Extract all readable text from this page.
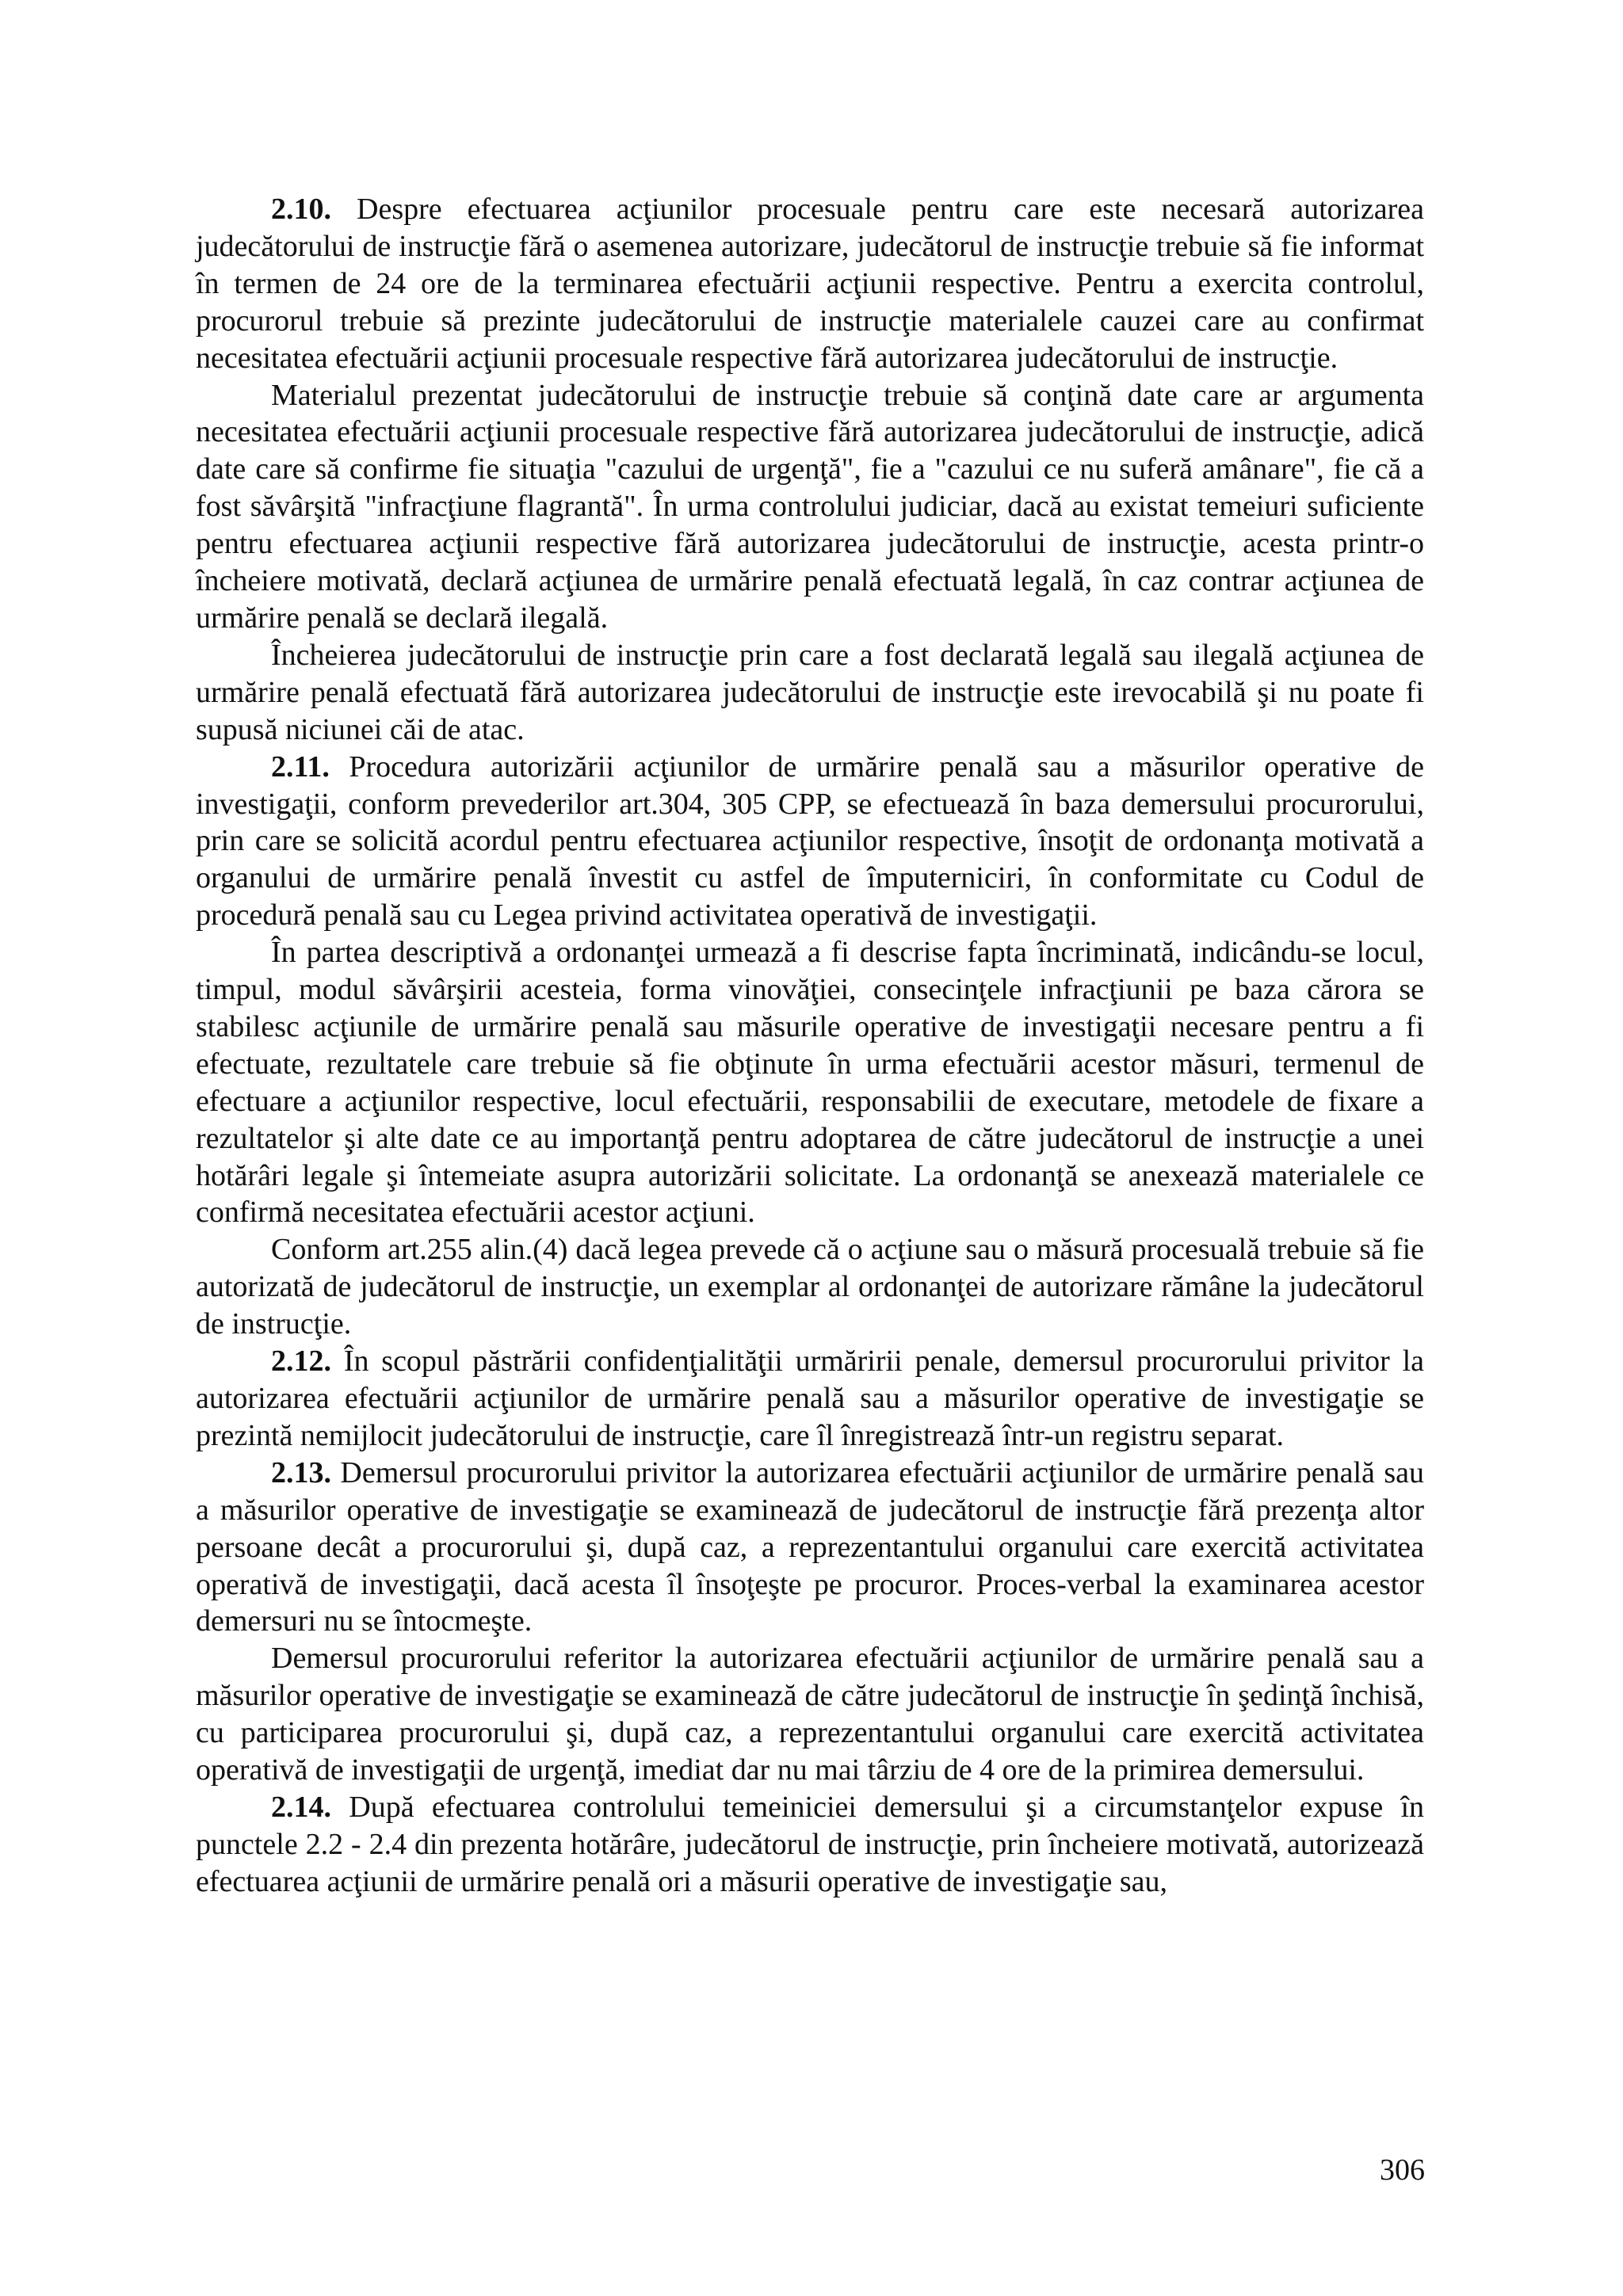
2.10. Despre efectuarea acţiunilor procesuale pentru care este necesară autorizarea judecătorului de instrucţie fără o asemenea autorizare, judecătorul de instrucţie trebuie să fie informat în termen de 24 ore de la terminarea efectuării acţiunii respective. Pentru a exercita controlul, procurorul trebuie să prezinte judecătorului de instrucţie materialele cauzei care au confirmat necesitatea efectuării acţiunii procesuale respective fără autorizarea judecătorului de instrucţie.

Materialul prezentat judecătorului de instrucţie trebuie să conţină date care ar argumenta necesitatea efectuării acţiunii procesuale respective fără autorizarea judecătorului de instrucţie, adică date care să confirme fie situaţia "cazului de urgenţă", fie a "cazului ce nu suferă amânare", fie că a fost săvârşită "infracţiune flagrantă". În urma controlului judiciar, dacă au existat temeiuri suficiente pentru efectuarea acţiunii respective fără autorizarea judecătorului de instrucţie, acesta printr-o încheiere motivată, declară acţiunea de urmărire penală efectuată legală, în caz contrar acţiunea de urmărire penală se declară ilegală.

Încheierea judecătorului de instrucţie prin care a fost declarată legală sau ilegală acţiunea de urmărire penală efectuată fără autorizarea judecătorului de instrucţie este irevocabilă şi nu poate fi supusă niciunei căi de atac.

2.11. Procedura autorizării acţiunilor de urmărire penală sau a măsurilor operative de investigaţii, conform prevederilor art.304, 305 CPP, se efectuează în baza demersului procurorului, prin care se solicită acordul pentru efectuarea acţiunilor respective, însoţit de ordonanţa motivată a organului de urmărire penală învestit cu astfel de împuterniciri, în conformitate cu Codul de procedură penală sau cu Legea privind activitatea operativă de investigaţii.

În partea descriptivă a ordonanţei urmează a fi descrise fapta încriminată, indicându-se locul, timpul, modul săvârşirii acesteia, forma vinovăţiei, consecinţele infracţiunii pe baza cărora se stabilesc acţiunile de urmărire penală sau măsurile operative de investigaţii necesare pentru a fi efectuate, rezultatele care trebuie să fie obţinute în urma efectuării acestor măsuri, termenul de efectuare a acţiunilor respective, locul efectuării, responsabilii de executare, metodele de fixare a rezultatelor şi alte date ce au importanţă pentru adoptarea de către judecătorul de instrucţie a unei hotărâri legale şi întemeiate asupra autorizării solicitate. La ordonanţă se anexează materialele ce confirmă necesitatea efectuării acestor acţiuni.

Conform art.255 alin.(4) dacă legea prevede că o acţiune sau o măsură procesuală trebuie să fie autorizată de judecătorul de instrucţie, un exemplar al ordonanţei de autorizare rămâne la judecătorul de instrucţie.

2.12. În scopul păstrării confidenţialităţii urmăririi penale, demersul procurorului privitor la autorizarea efectuării acţiunilor de urmărire penală sau a măsurilor operative de investigaţie se prezintă nemijlocit judecătorului de instrucţie, care îl înregistrează într-un registru separat.

2.13. Demersul procurorului privitor la autorizarea efectuării acţiunilor de urmărire penală sau a măsurilor operative de investigaţie se examinează de judecătorul de instrucţie fără prezenţa altor persoane decât a procurorului şi, după caz, a reprezentantului organului care exercită activitatea operativă de investigaţii, dacă acesta îl însoţeşte pe procuror. Proces-verbal la examinarea acestor demersuri nu se întocmeşte.

Demersul procurorului referitor la autorizarea efectuării acţiunilor de urmărire penală sau a măsurilor operative de investigaţie se examinează de către judecătorul de instrucţie în şedinţă închisă, cu participarea procurorului şi, după caz, a reprezentantului organului care exercită activitatea operativă de investigaţii de urgenţă, imediat dar nu mai târziu de 4 ore de la primirea demersului.

2.14. După efectuarea controlului temeiniciei demersului şi a circumstanţelor expuse în punctele 2.2 - 2.4 din prezenta hotărâre, judecătorul de instrucţie, prin încheiere motivată, autorizează efectuarea acţiunii de urmărire penală ori a măsurii operative de investigaţie sau,

306
